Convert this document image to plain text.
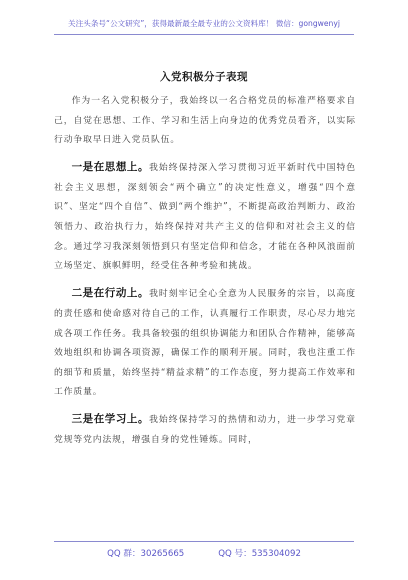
关注头条号“公文研究”，获得最新最全最专业的公文资料库！ 微信：gongwenyj
入党积极分子表现

作为一名入党积极分子，我始终以一名合格党员的标准严格要求自己，自觉在思想、工作、学习和生活上向身边的优秀党员看齐，以实际行动争取早日进入党员队伍。

一是在思想上。我始终保持深入学习贯彻习近平新时代中国特色社会主义思想，深刻领会“两个确立”的决定性意义，增强“四个意识”、坚定“四个自信”、做到“两个维护”，不断提高政治判断力、政治领悟力、政治执行力，始终保持对共产主义的信仰和对社会主义的信念。通过学习我深刻领悟到只有坚定信仰和信念，才能在各种风浪面前立场坚定、旗帜鲜明，经受住各种考验和挑战。

二是在行动上。我时刻牢记全心全意为人民服务的宗旨，以高度的责任感和使命感对待自己的工作，认真履行工作职责，尽心尽力地完成各项工作任务。我具备较强的组织协调能力和团队合作精神，能够高效地组织和协调各项资源，确保工作的顺利开展。同时，我也注重工作的细节和质量，始终坚持“精益求精”的工作态度，努力提高工作效率和工作质量。

三是在学习上。我始终保持学习的热情和动力，进一步学习党章党规等党内法规，增强自身的党性锤炼。同时，

QQ 群：30265665	QQ 号：535304092
